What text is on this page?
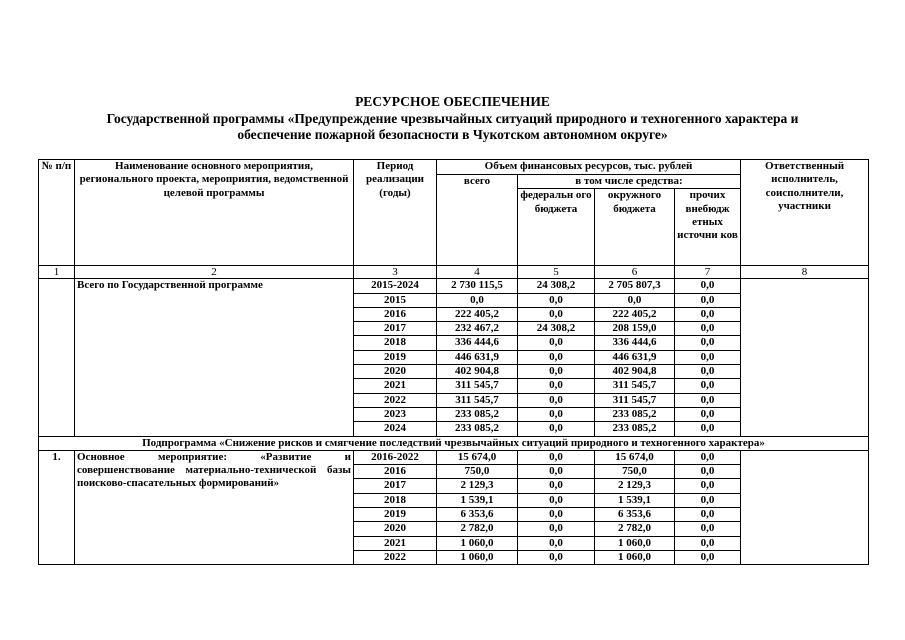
РЕСУРСНОЕ ОБЕСПЕЧЕНИЕ
Государственной программы «Предупреждение чрезвычайных ситуаций природного и техногенного характера и
обеспечение пожарной безопасности в Чукотском автономном округе»
№ п/п	Наименование основного мероприятия, регионального проекта, мероприятия, ведомственной целевой программы	Период реализации (годы)	Объем финансовых ресурсов, тыс. рублей				Ответственный исполнитель, соисполнители, участники
			всего	в том числе средства:			
				федеральн ого бюджета	окружного бюджета	прочих внебюдж етных источни ков	
1	2	3	4	5	6	7	8
	Всего по Государственной программе	2015-2024	2 730 115,5	24 308,2	2 705 807,3	0,0	
		2015	0,0	0,0	0,0	0,0	
		2016	222 405,2	0,0	222 405,2	0,0	
		2017	232 467,2	24 308,2	208 159,0	0,0	
		2018	336 444,6	0,0	336 444,6	0,0	
		2019	446 631,9	0,0	446 631,9	0,0	
		2020	402 904,8	0,0	402 904,8	0,0	
		2021	311 545,7	0,0	311 545,7	0,0	
		2022	311 545,7	0,0	311 545,7	0,0	
		2023	233 085,2	0,0	233 085,2	0,0	
		2024	233 085,2	0,0	233 085,2	0,0	
Подпрограмма «Снижение рисков и смягчение последствий чрезвычайных ситуаций природного и техногенного характера»							
1.	Основное мероприятие: «Развитие и совершенствование материально-технической базы поисково-спасательных формирований»	2016-2022	15 674,0	0,0	15 674,0	0,0	
		2016	750,0	0,0	750,0	0,0	
		2017	2 129,3	0,0	2 129,3	0,0	
		2018	1 539,1	0,0	1 539,1	0,0	
		2019	6 353,6	0,0	6 353,6	0,0	
		2020	2 782,0	0,0	2 782,0	0,0	
		2021	1 060,0	0,0	1 060,0	0,0	
		2022	1 060,0	0,0	1 060,0	0,0	
